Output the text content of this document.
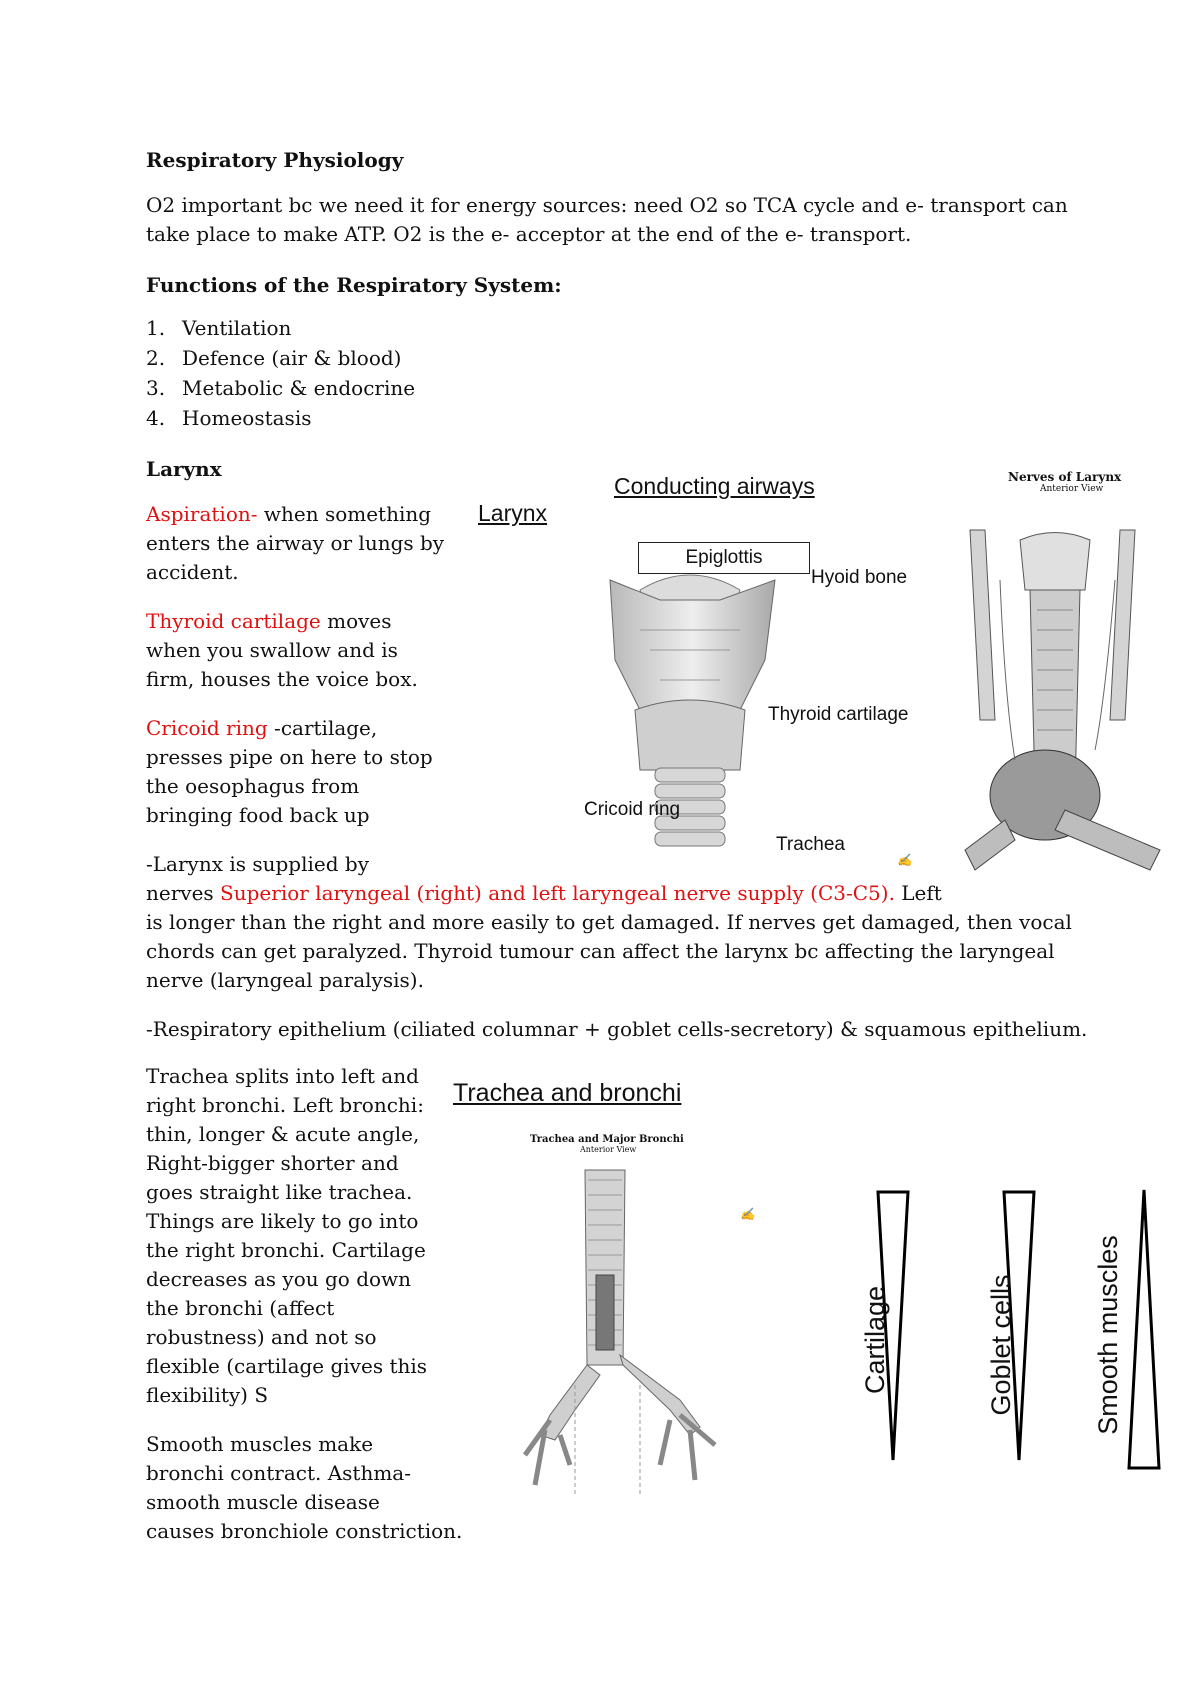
Respiratory Physiology
O2 important bc we need it for energy sources: need O2 so TCA cycle and e- transport can
take place to make ATP. O2 is the e- acceptor at the end of the e- transport.
Functions of the Respiratory System:
1. Ventilation
2. Defence (air & blood)
3. Metabolic & endocrine
4. Homeostasis
Larynx
Aspiration- when something
enters the airway or lungs by
accident.
Thyroid cartilage moves
when you swallow and is
firm, houses the voice box.
Cricoid ring -cartilage,
presses pipe on here to stop
the oesophagus from
bringing food back up
Larynx
Conducting airways
Epiglottis
Hyoid bone
Thyroid cartilage
Cricoid ring
Trachea
✍
Nerves of Larynx
Anterior View
-Larynx is supplied by
nerves Superior laryngeal (right) and left laryngeal nerve supply (C3-C5). Left
is longer than the right and more easily to get damaged. If nerves get damaged, then vocal
chords can get paralyzed. Thyroid tumour can affect the larynx bc affecting the laryngeal
nerve (laryngeal paralysis).
-Respiratory epithelium (ciliated columnar + goblet cells-secretory) & squamous epithelium.
Trachea splits into left and
right bronchi. Left bronchi:
thin, longer & acute angle,
Right-bigger shorter and
goes straight like trachea.
Things are likely to go into
the right bronchi. Cartilage
decreases as you go down
the bronchi (affect
robustness) and not so
flexible (cartilage gives this
flexibility) S
Smooth muscles make
bronchi contract. Asthma-
smooth muscle disease
causes bronchiole constriction.
Trachea and bronchi
Trachea and Major Bronchi
Anterior View
✍
Cartilage	Goblet cells	Smooth muscles
